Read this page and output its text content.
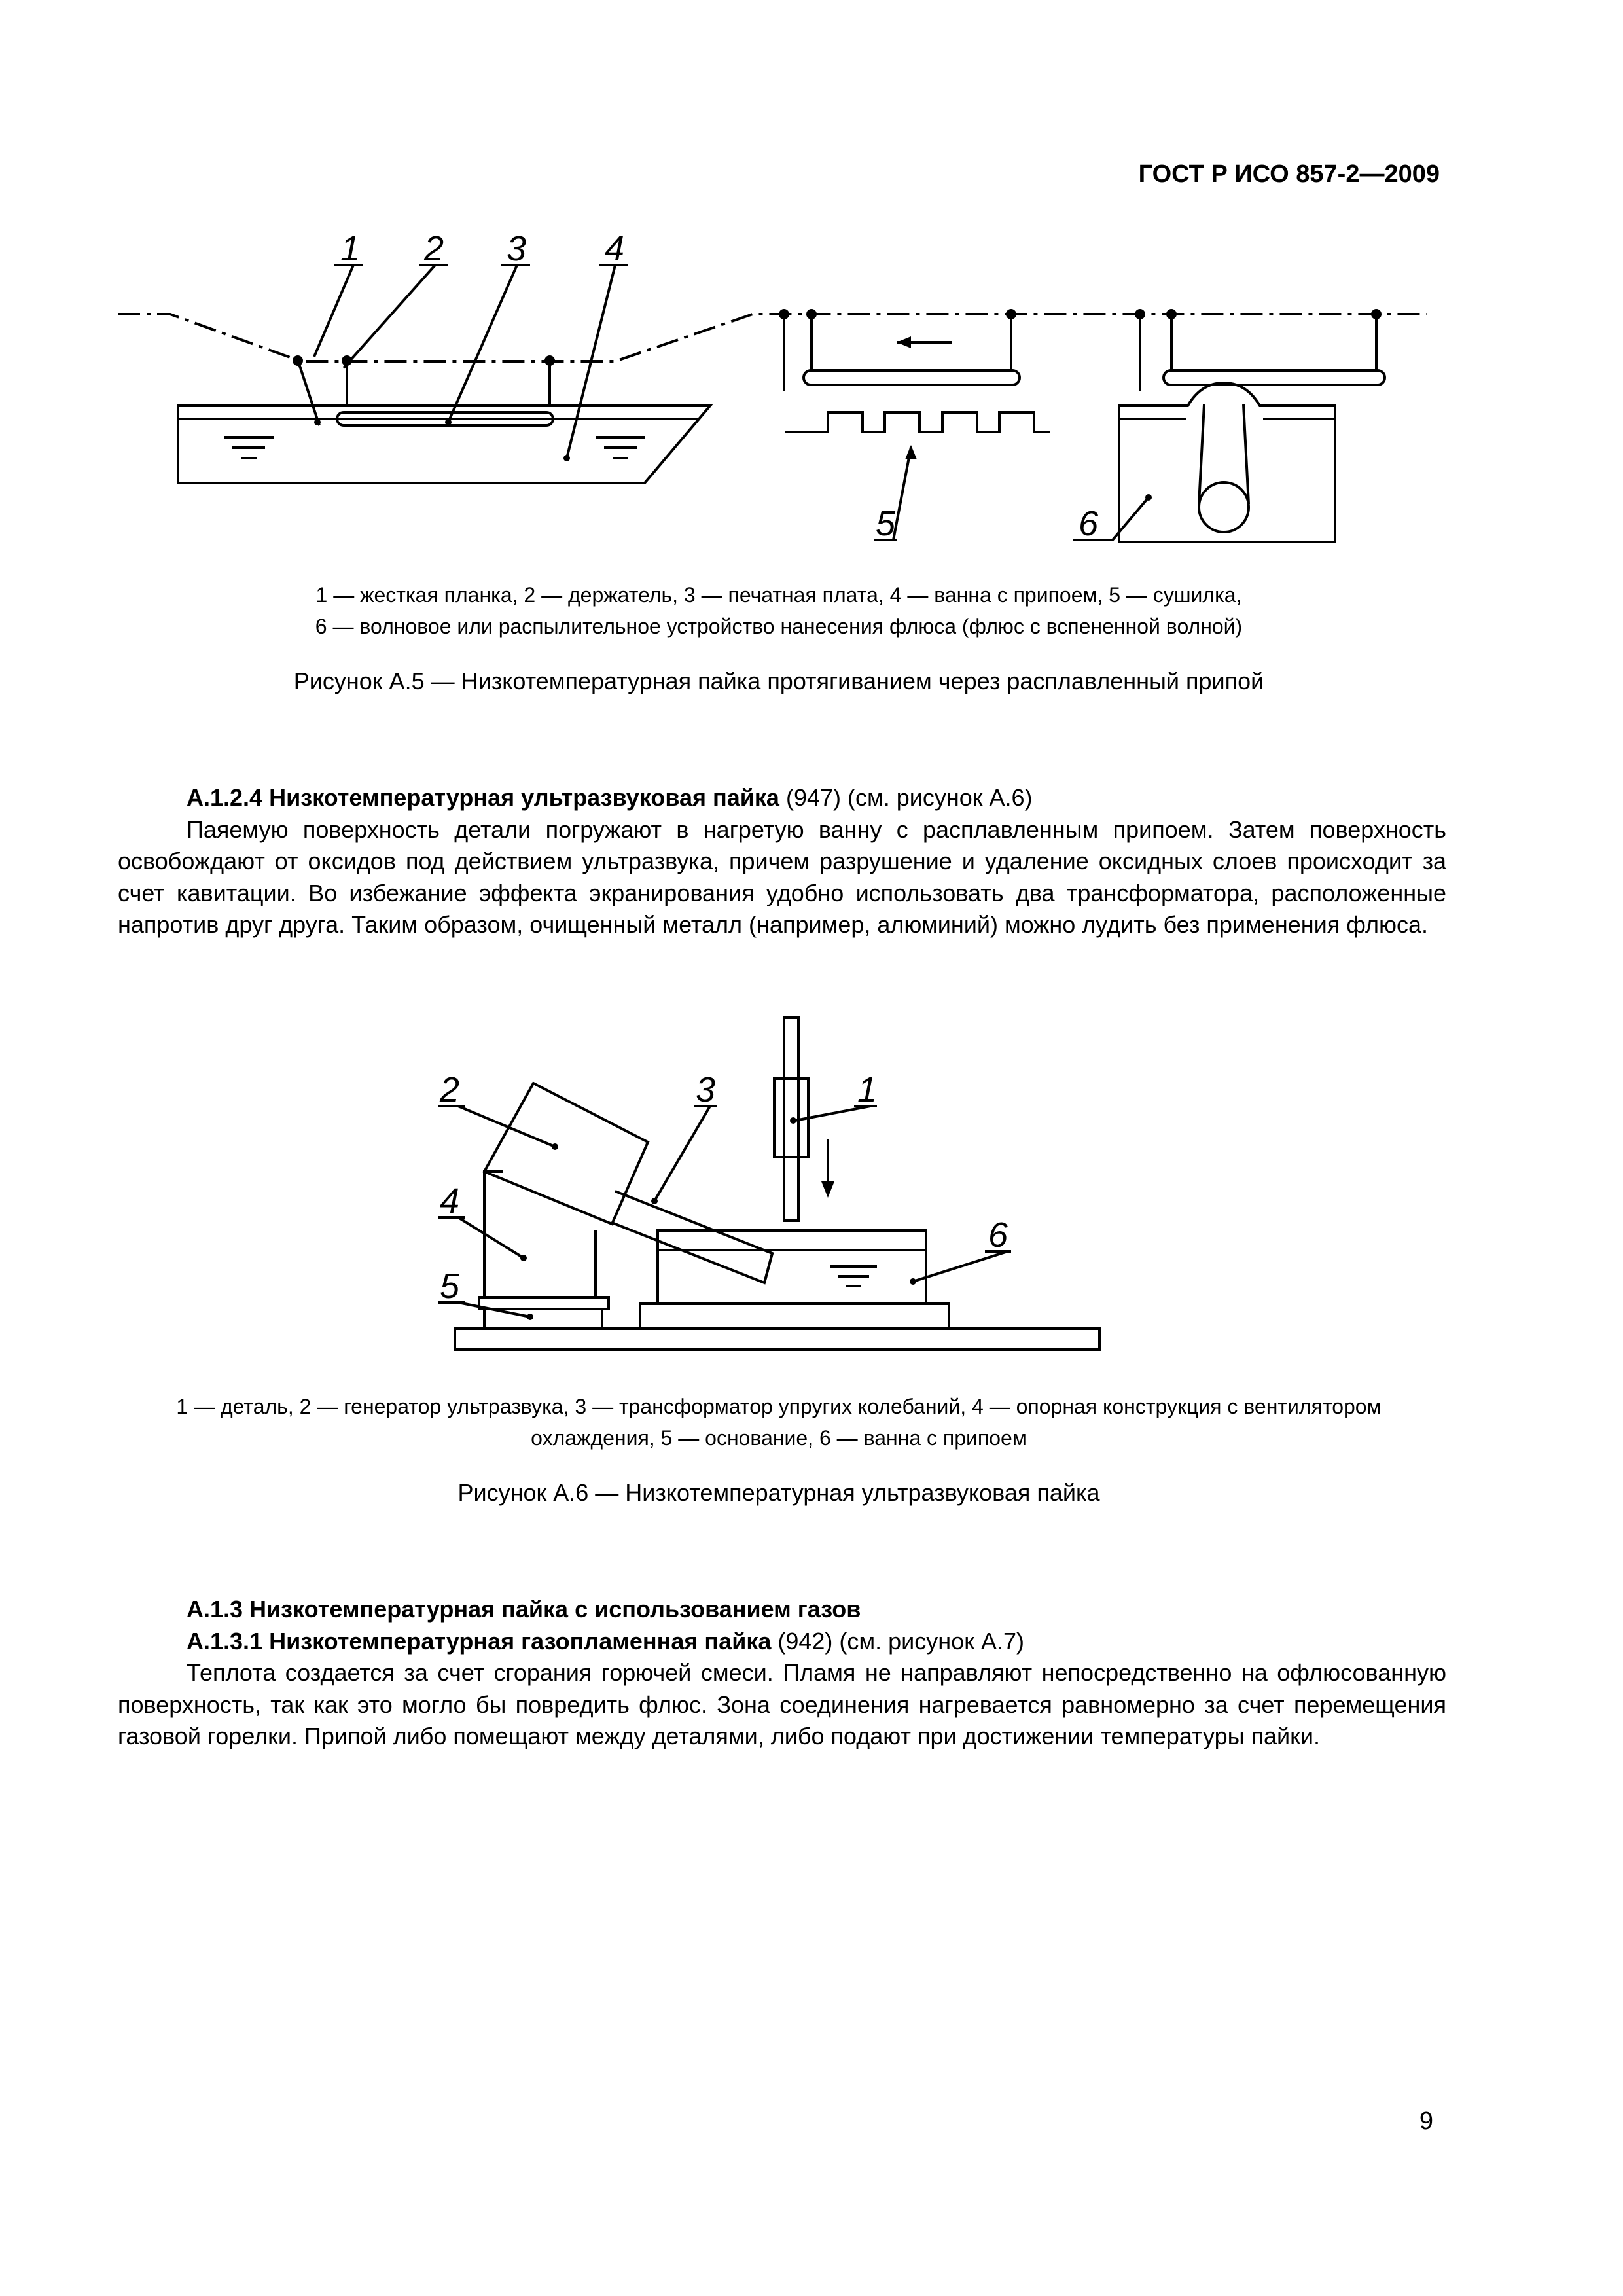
ГОСТ Р ИСО 857-2—2009
1 2 3 4
5	6

1 — жесткая планка, 2 — держатель, 3 — печатная плата, 4 — ванна с припоем, 5 — сушилка,

6 — волновое или распылительное устройство нанесения флюса (флюс с вспененной волной)

Рисунок А.5 — Низкотемпературная пайка протягиванием через расплавленный припой

А.1.2.4 Низкотемпературная ультразвуковая пайка (947) (см. рисунок А.6)

Паяемую поверхность детали погружают в нагретую ванну с расплавленным припоем. Затем поверхность освобождают от оксидов под действием ультразвука, причем разрушение и удаление оксидных слоев происходит за счет кавитации. Во избежание эффекта экранирования удобно использовать два трансформатора, расположенные напротив друг друга. Таким образом, очищенный металл (например, алюминий) можно лудить без применения флюса.

1
2	3
4
5
6

1 — деталь, 2 — генератор ультразвука, 3 — трансформатор упругих колебаний, 4 — опорная конструкция с вентилятором

охлаждения, 5 — основание, 6 — ванна с припоем

Рисунок А.6 — Низкотемпературная ультразвуковая пайка

А.1.3 Низкотемпературная пайка с использованием газов

А.1.3.1 Низкотемпературная газопламенная пайка (942) (см. рисунок А.7)

Теплота создается за счет сгорания горючей смеси. Пламя не направляют непосредственно на офлюсованную поверхность, так как это могло бы повредить флюс. Зона соединения нагревается равномерно за счет перемещения газовой горелки. Припой либо помещают между деталями, либо подают при достижении температуры пайки.

9
